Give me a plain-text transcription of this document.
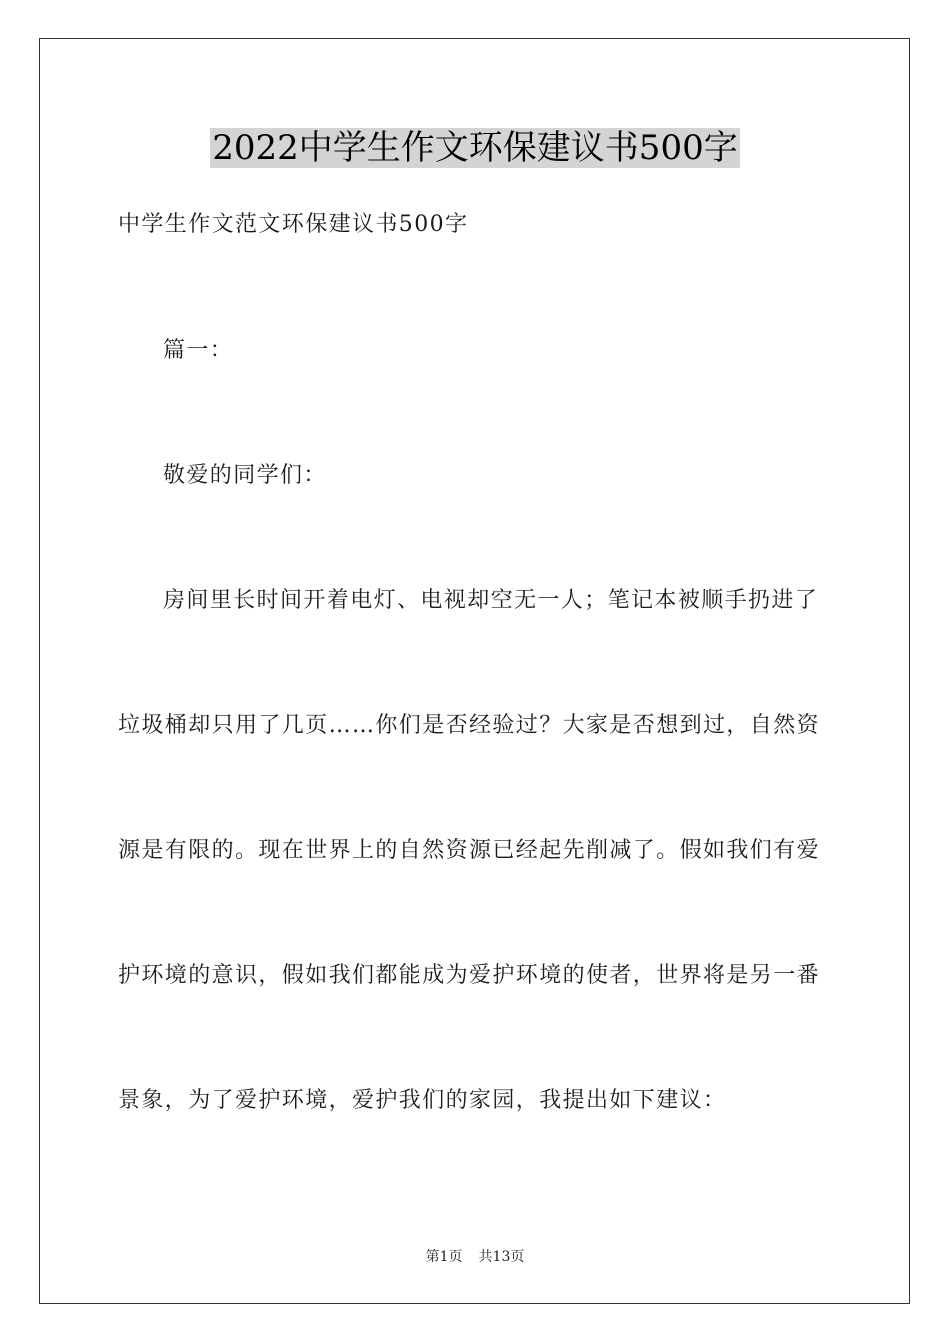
2022中学生作文环保建议书500字
中学生作文范文环保建议书500字
篇一：
敬爱的同学们：
房间里长时间开着电灯、电视却空无一人；笔记本被顺手扔进了
垃圾桶却只用了几页……你们是否经验过？大家是否想到过，自然资
源是有限的。现在世界上的自然资源已经起先削减了。假如我们有爱
护环境的意识，假如我们都能成为爱护环境的使者，世界将是另一番
景象，为了爱护环境，爱护我们的家园，我提出如下建议：
第1页 共13页
